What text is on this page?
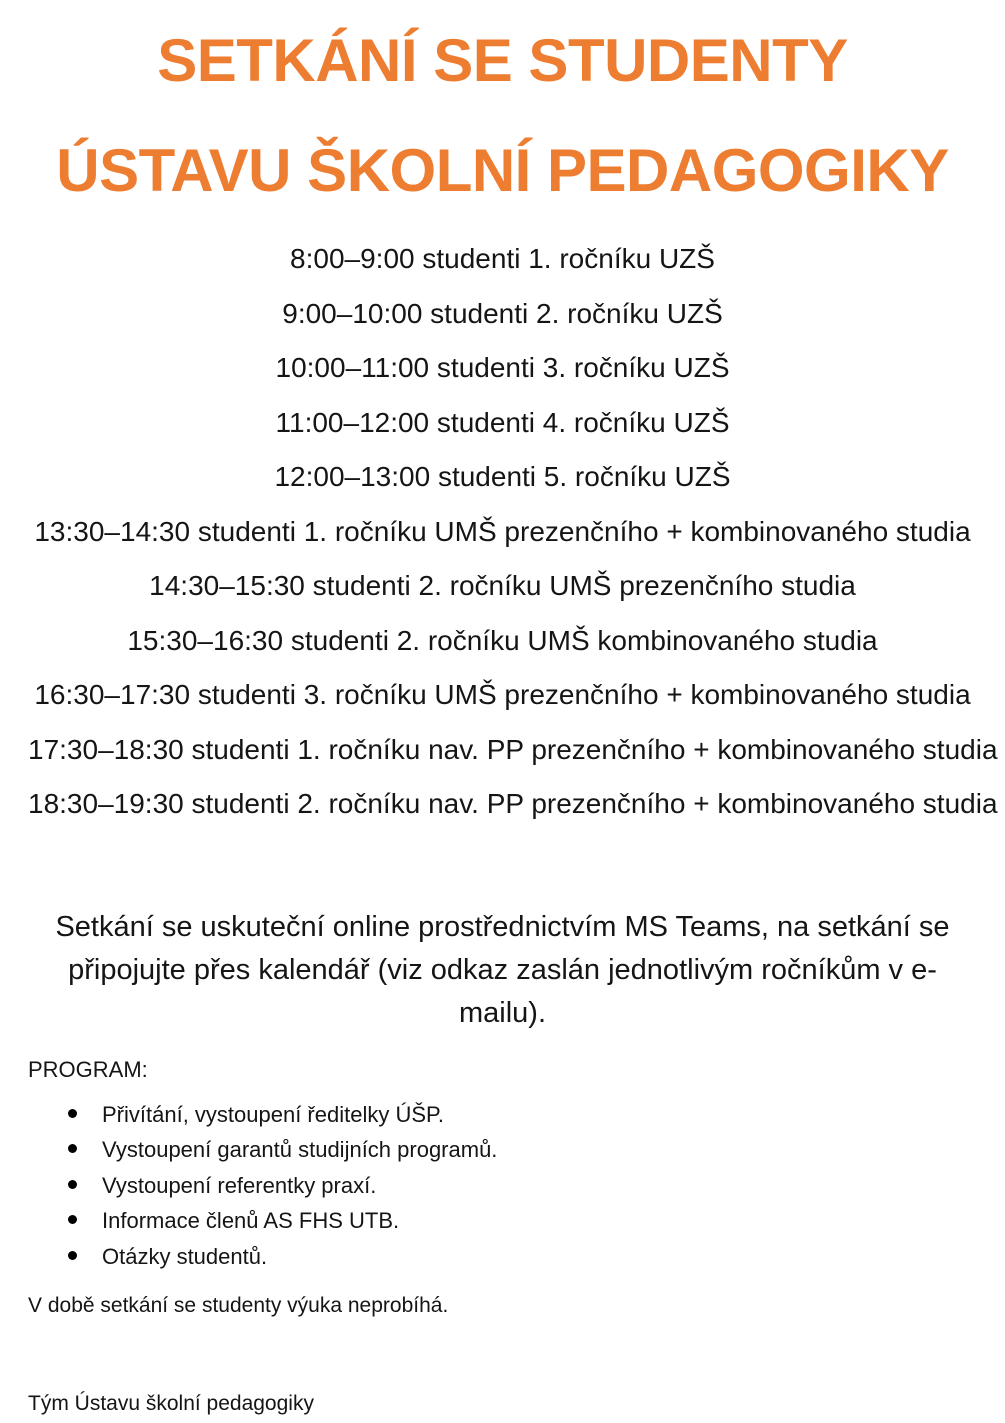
SETKÁNÍ SE STUDENTY
ÚSTAVU ŠKOLNÍ PEDAGOGIKY
8:00–9:00 studenti 1. ročníku UZŠ
9:00–10:00 studenti 2. ročníku UZŠ
10:00–11:00 studenti 3. ročníku UZŠ
11:00–12:00 studenti 4. ročníku UZŠ
12:00–13:00 studenti 5. ročníku UZŠ
13:30–14:30 studenti 1. ročníku UMŠ prezenčního + kombinovaného studia
14:30–15:30 studenti 2. ročníku UMŠ prezenčního studia
15:30–16:30 studenti 2. ročníku UMŠ kombinovaného studia
16:30–17:30 studenti 3. ročníku UMŠ prezenčního + kombinovaného studia
17:30–18:30 studenti 1. ročníku nav. PP prezenčního + kombinovaného studia
18:30–19:30 studenti 2. ročníku nav. PP prezenčního + kombinovaného studia

Setkání se uskuteční online prostřednictvím MS Teams, na setkání se připojujte přes kalendář (viz odkaz zaslán jednotlivým ročníkům v e-mailu).

PROGRAM:
Přivítání, vystoupení ředitelky ÚŠP.
Vystoupení garantů studijních programů.
Vystoupení referentky praxí.
Informace členů AS FHS UTB.
Otázky studentů.
V době setkání se studenty výuka neprobíhá.
Tým Ústavu školní pedagogiky
